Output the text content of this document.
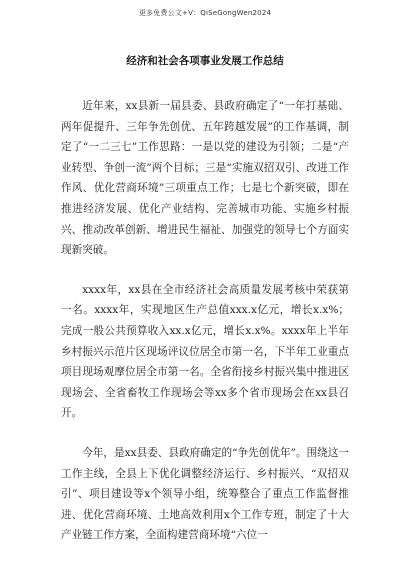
更多免费公文+V：QiSeGongWen2024
经济和社会各项事业发展工作总结

近年来，xx县新一届县委、县政府确定了“一年打基础、两年促提升、三年争先创优、五年跨越发展”的工作基调，制定了“一二三七”工作思路：一是以党的建设为引领；二是“产业转型、争创一流”两个目标；三是“实施双招双引、改进工作作风、优化营商环境”三项重点工作；七是七个新突破，即在推进经济发展、优化产业结构、完善城市功能、实施乡村振兴、推动改革创新、增进民生福祉、加强党的领导七个方面实现新突破。

xxxx年，xx县在全市经济社会高质量发展考核中荣获第一名。xxxx年，实现地区生产总值xxx.x亿元，增长x.x%；完成一般公共预算收入xx.x亿元，增长x.x%。xxxx年上半年乡村振兴示范片区现场评议位居全市第一名，下半年工业重点项目现场观摩位居全市第一名。全省衔接乡村振兴集中推进区现场会、全省畜牧工作现场会等xx多个省市现场会在xx县召开。

今年，是xx县委、县政府确定的“争先创优年”。围绕这一工作主线，全县上下优化调整经济运行、乡村振兴、“双招双引”、项目建设等x个领导小组，统筹整合了重点工作监督推进、优化营商环境、土地高效利用x个工作专班，制定了十大产业链工作方案，全面构建营商环境“六位一
